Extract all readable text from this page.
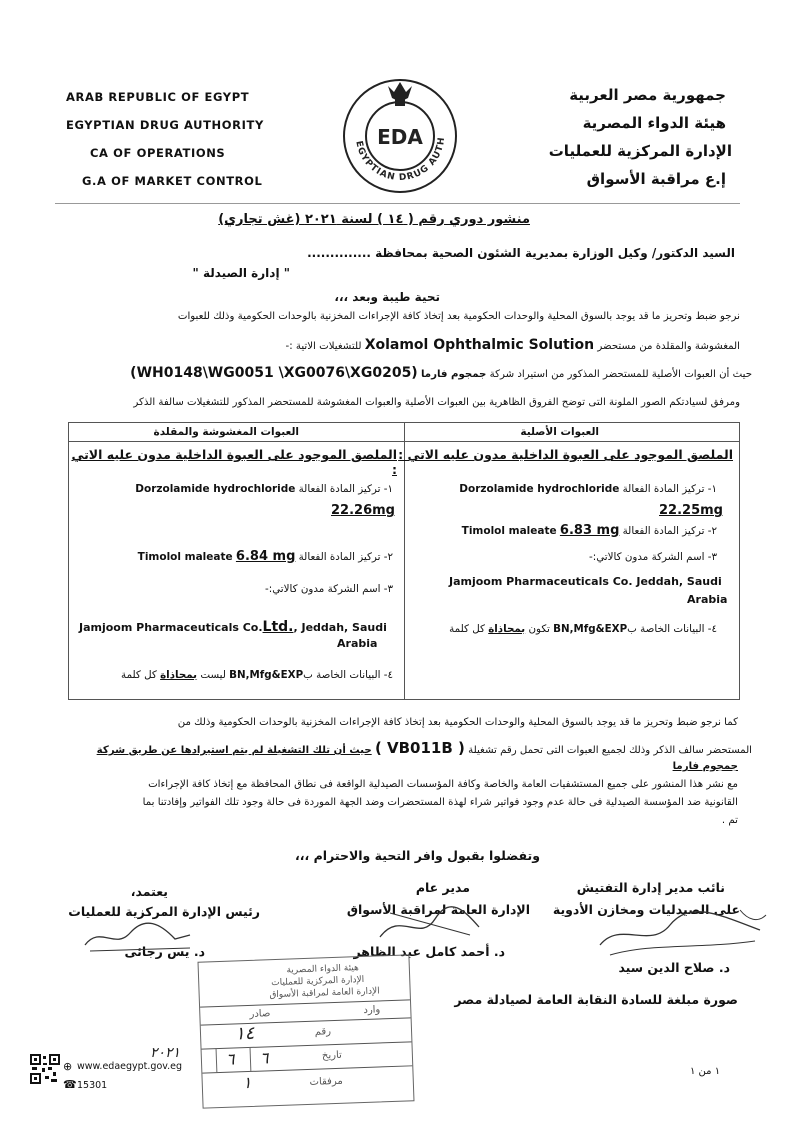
ARAB REPUBLIC OF EGYPT
EGYPTIAN DRUG AUTHORITY
CA OF OPERATIONS
G.A OF MARKET CONTROL
جمهورية مصر العربية
هيئة الدواء المصرية
الإدارة المركزية للعمليات
إ.ع مراقبة الأسواق
EDA
EGYPTIAN DRUG AUTH
منشور دوري رقم ( ١٤ ) لسنة ٢٠٢١ (غش تجاري)
السيد الدكتور/ وكيل الوزارة بمديرية الشئون الصحية بمحافظة ..............
" إدارة الصيدلة "
تحية طيبة وبعد ،،،
نرجو ضبط وتحريز ما قد يوجد بالسوق المحلية والوحدات الحكومية بعد إتخاذ كافة الإجراءات المخزنية بالوحدات الحكومية وذلك للعبوات
المغشوشة والمقلدة من مستحضر Xolamol Ophthalmic Solution للتشغيلات الاتية :-
حيث أن العبوات الأصلية للمستحضر المذكور من استيراد شركة جمجوم فارما (WH0148\WG0051 \XG0076\XG0205)
ومرفق لسيادتكم الصور الملونة التى توضح الفروق الظاهرية بين العبوات الأصلية والعبوات المغشوشة للمستحضر المذكور للتشغيلات سالفة الذكر
العبوات الأصلية
الملصق الموجود على العبوة الداخلية مدون عليه الاتي :
١- تركيز المادة الفعالة Dorzolamide hydrochloride
22.25mg
٢- تركيز المادة الفعالة Timolol maleate 6.83 mg
٣- اسم الشركة مدون كالاتي:-
Jamjoom Pharmaceuticals Co. Jeddah, Saudi
Arabia
٤- البيانات الخاصة بBN,Mfg&EXP تكون بمحاذاة كل كلمة
العبوات المغشوشة والمقلدة
الملصق الموجود على العبوة الداخلية مدون عليه الاتي :
١- تركيز المادة الفعالة Dorzolamide hydrochloride
22.26mg
٢- تركيز المادة الفعالة Timolol maleate 6.84 mg
٣- اسم الشركة مدون كالاتي:-
Jamjoom Pharmaceuticals Co.Ltd., Jeddah, Saudi
Arabia
٤- البيانات الخاصة بBN,Mfg&EXP ليست بمحاذاة كل كلمة
كما نرجو ضبط وتحريز ما قد يوجد بالسوق المحلية والوحدات الحكومية بعد إتخاذ كافة الإجراءات المخزنية بالوحدات الحكومية وذلك من
المستحضر سالف الذكر وذلك لجميع العبوات التى تحمل رقم تشغيلة ( VB011B ) حيث أن تلك التشغيلة لم يتم استيرادها عن طريق شركة
جمجوم فارما
مع نشر هذا المنشور على جميع المستشفيات العامة والخاصة وكافة المؤسسات الصيدلية الواقعة فى نطاق المحافظة مع إتخاذ كافة الإجراءات
القانونية ضد المؤسسة الصيدلية فى حالة عدم وجود فواتير شراء لهذة المستحضرات وضد الجهة الموردة فى حالة وجود تلك الفواتير وإفادتنا بما
تم .
وتفضلوا بقبول وافر التحية والاحترام ،،،
نائب مدير إدارة التفتيش
على الصيدليات ومخازن الأدوية
د. صلاح الدين سيد
مدير عام
الإدارة العامة لمراقبة الأسواق
د. أحمد كامل عبد الظاهر
يعتمد،
رئيس الإدارة المركزية للعمليات
د. يس رجائى
صورة مبلغة للسادة النقابة العامة لصيادلة مصر
هيئة الدواء المصرية
الإدارة المركزية للعمليات
الإدارة العامة لمراقبة الأسواق
وارد
صادر
رقم
١٤
تاريخ
٦
٦
مرفقات
١
٢٠٢١
⊕ www.edaegypt.gov.eg
☎ 15301
١ من ١
